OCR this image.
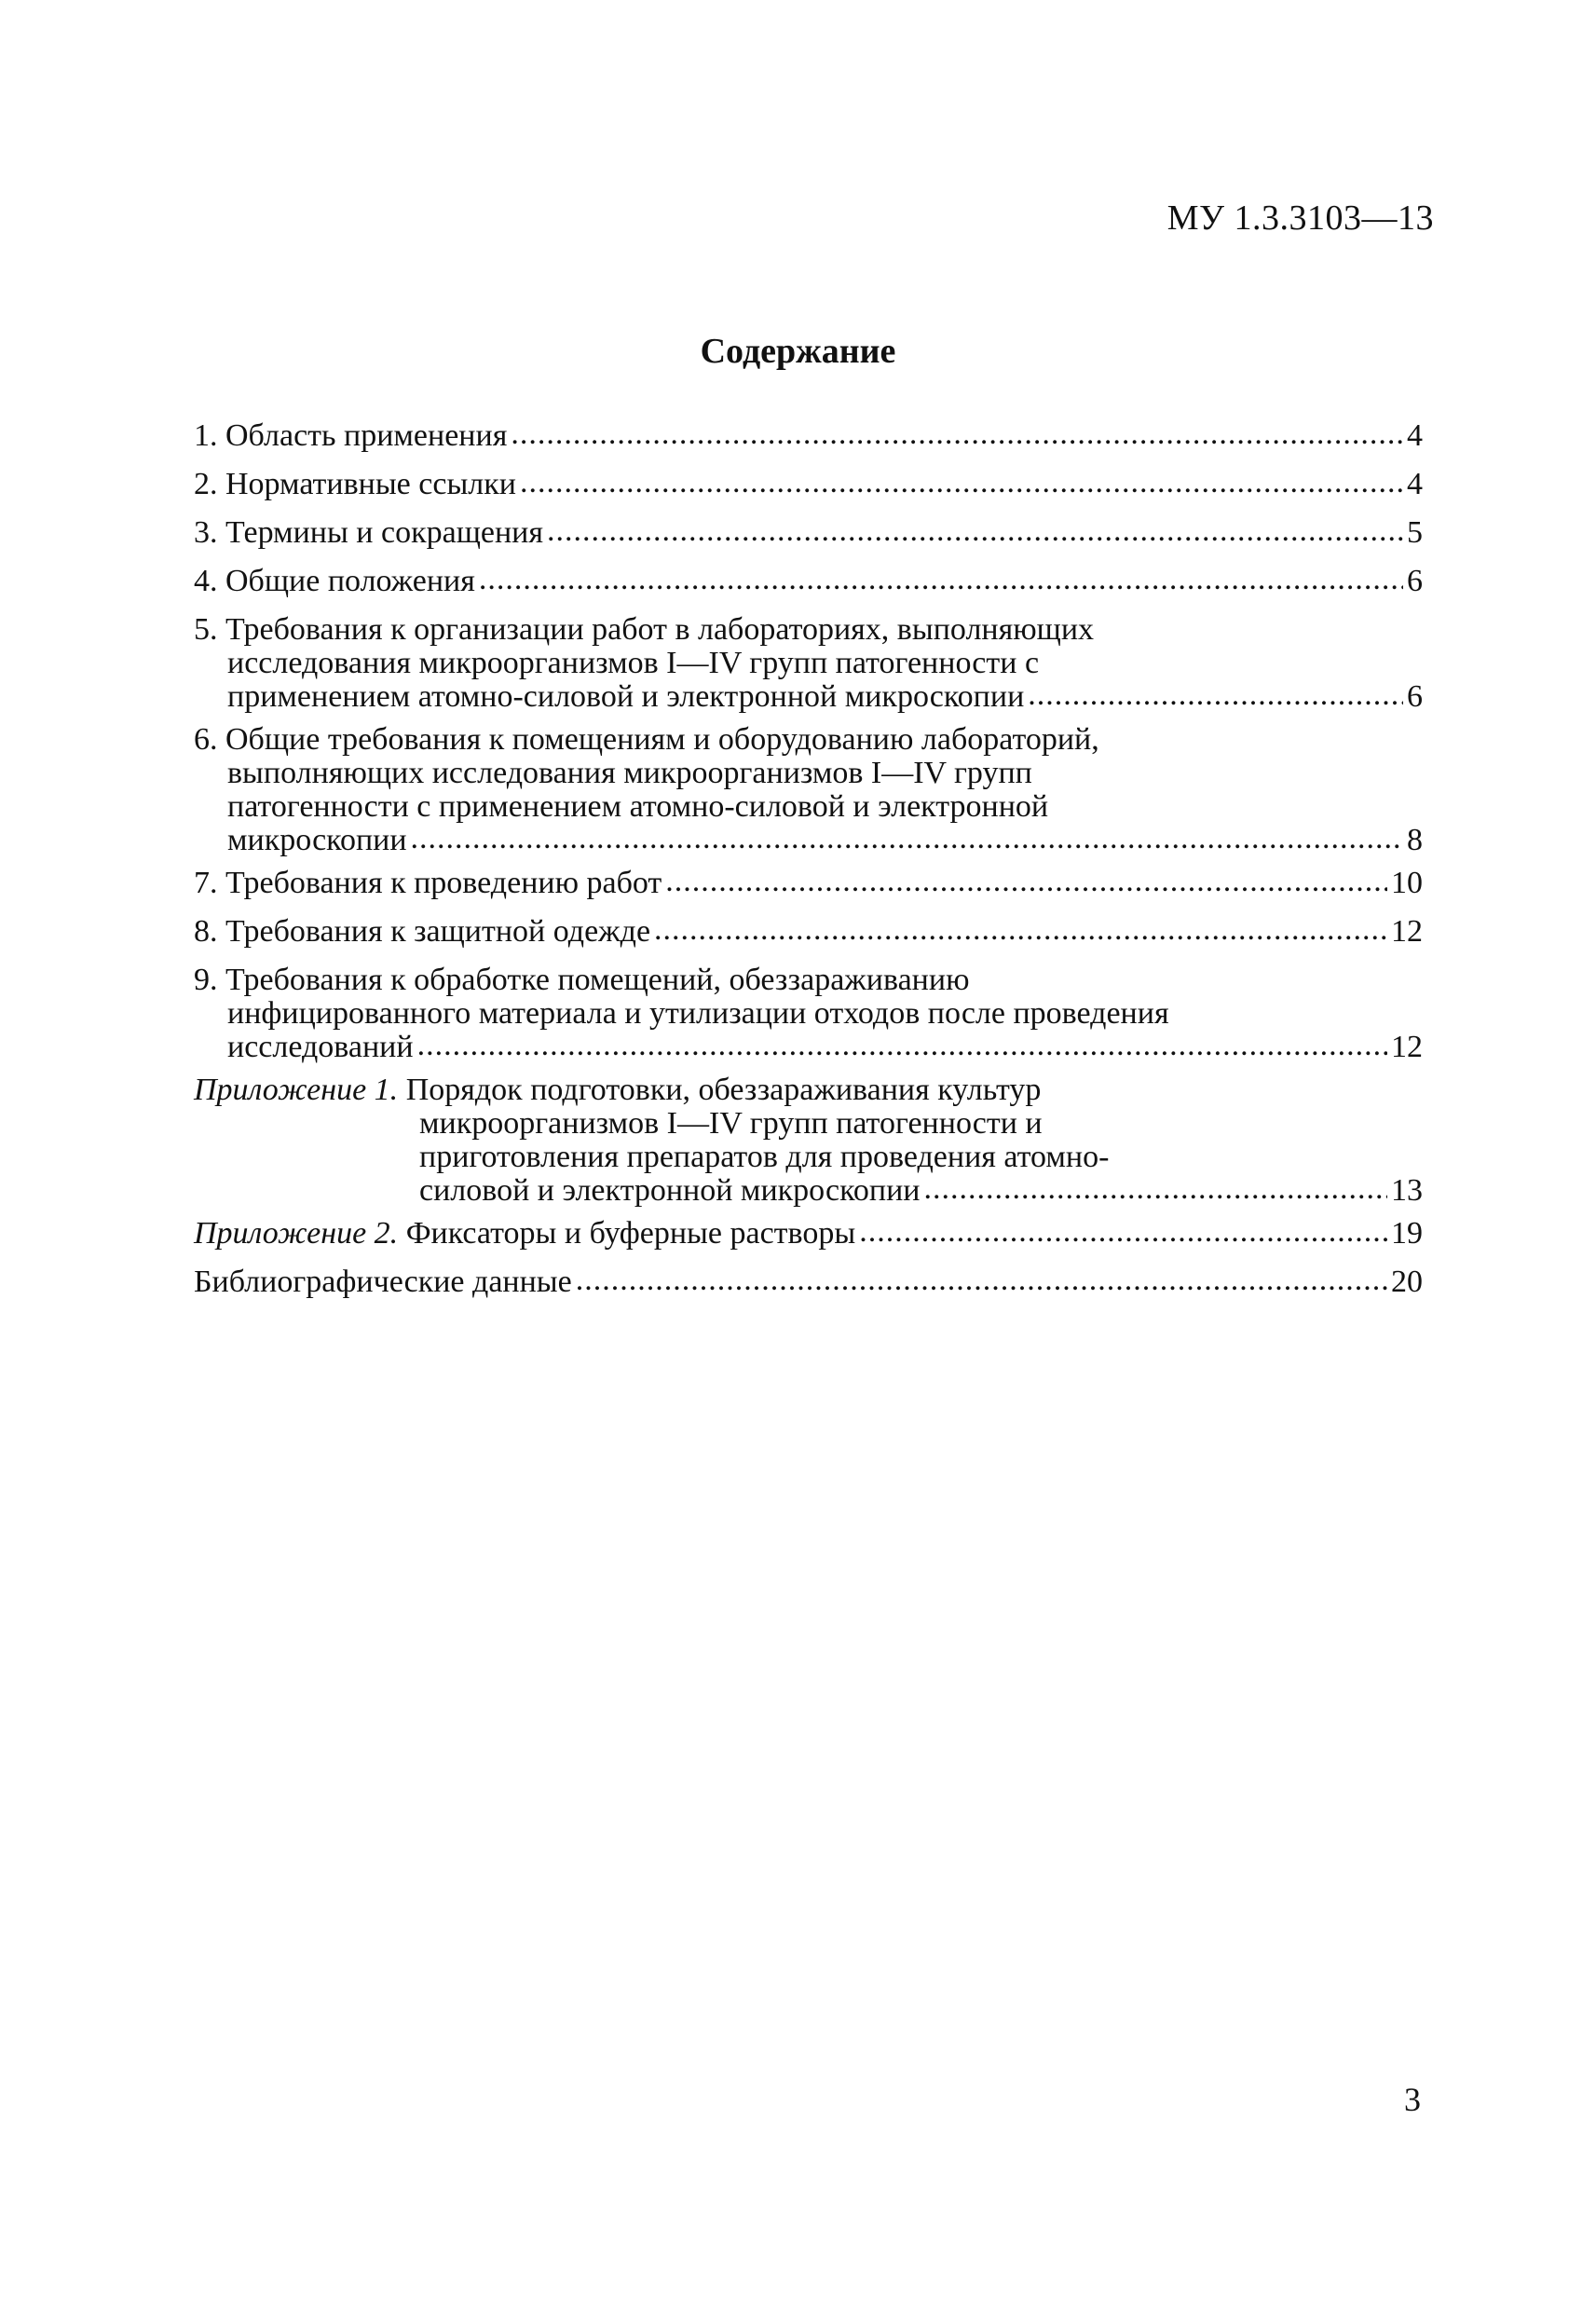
МУ 1.3.3103—13
Содержание
1. Область применения .....	4
2. Нормативные ссылки .....	4
3. Термины и сокращения .....	5
4. Общие положения .....	6
5. Требования к организации работ в лабораториях, выполняющих
исследования микроорганизмов I—IV групп патогенности с
применением атомно-силовой и электронной микроскопии .....	6
6. Общие требования к помещениям и оборудованию лабораторий,
выполняющих исследования микроорганизмов I—IV групп
патогенности с применением атомно-силовой и электронной
микроскопии .....	8
7. Требования к проведению работ .....	10
8. Требования к защитной одежде .....	12
9. Требования к обработке помещений, обеззараживанию
инфицированного материала и утилизации отходов после проведения
исследований .....	12
Приложение 1. Порядок подготовки, обеззараживания культур
микроорганизмов I—IV групп патогенности и
приготовления препаратов для проведения атомно-
силовой и электронной микроскопии .....	13
Приложение 2. Фиксаторы и буферные растворы .....	19
Библиографические данные .....	20
3
